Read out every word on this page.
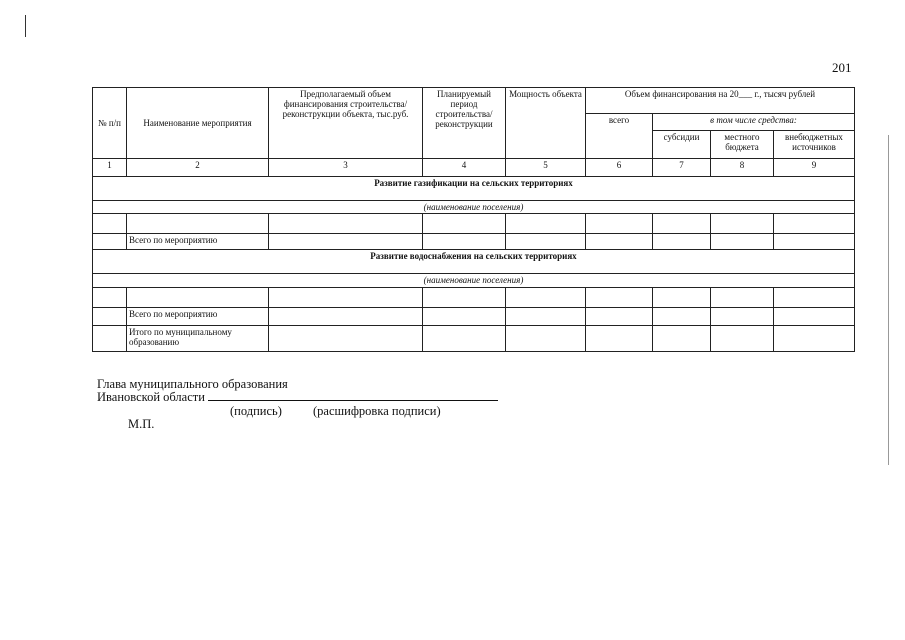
201
№ п/п	Наименование мероприятия	Предполагаемый объем финансирования строительства/ реконструкции объекта, тыс.руб.	Планируемый период строительства/ реконструкции	Мощность объекта	Объем финансирования на 20___ г., тысяч рублей			
					всего	в том числе средства:		
						субсидии	местного бюджета	внебюджетных источников
1	2	3	4	5	6	7	8	9
Развитие газификации на сельских территориях								
(наименование поселения)								

	Всего по мероприятию							
Развитие водоснабжения на сельских территориях								
(наименование поселения)								

	Всего по мероприятию							
	Итого по муниципальному образованию							
Глава муниципального образования
Ивановской области
(подпись) (расшифровка подписи)
М.П.
